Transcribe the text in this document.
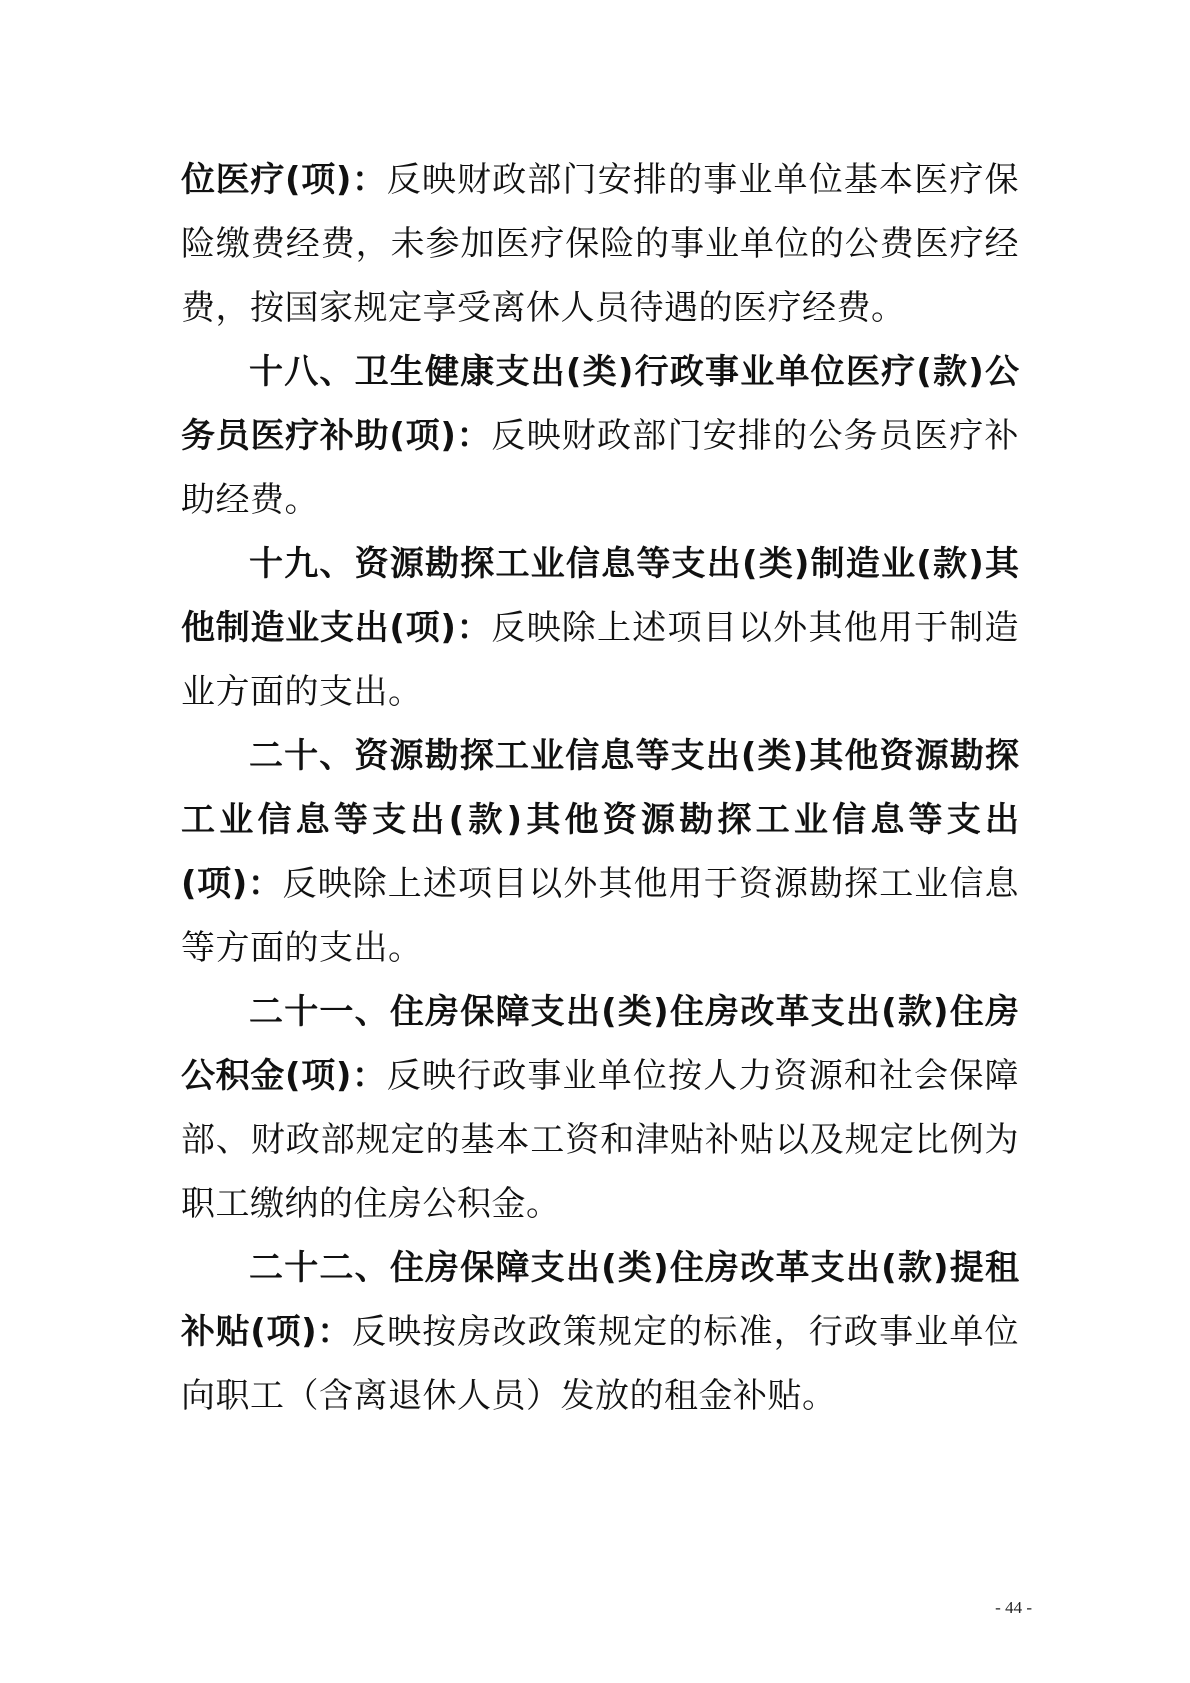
位医疗(项)：反映财政部门安排的事业单位基本医疗保险缴费经费，未参加医疗保险的事业单位的公费医疗经费，按国家规定享受离休人员待遇的医疗经费。

十八、卫生健康支出(类)行政事业单位医疗(款)公务员医疗补助(项)：反映财政部门安排的公务员医疗补助经费。

十九、资源勘探工业信息等支出(类)制造业(款)其他制造业支出(项)：反映除上述项目以外其他用于制造业方面的支出。

二十、资源勘探工业信息等支出(类)其他资源勘探工业信息等支出(款)其他资源勘探工业信息等支出(项)：反映除上述项目以外其他用于资源勘探工业信息等方面的支出。

二十一、住房保障支出(类)住房改革支出(款)住房公积金(项)：反映行政事业单位按人力资源和社会保障部、财政部规定的基本工资和津贴补贴以及规定比例为职工缴纳的住房公积金。

二十二、住房保障支出(类)住房改革支出(款)提租补贴(项)：反映按房改政策规定的标准，行政事业单位向职工（含离退休人员）发放的租金补贴。

- 44 -
